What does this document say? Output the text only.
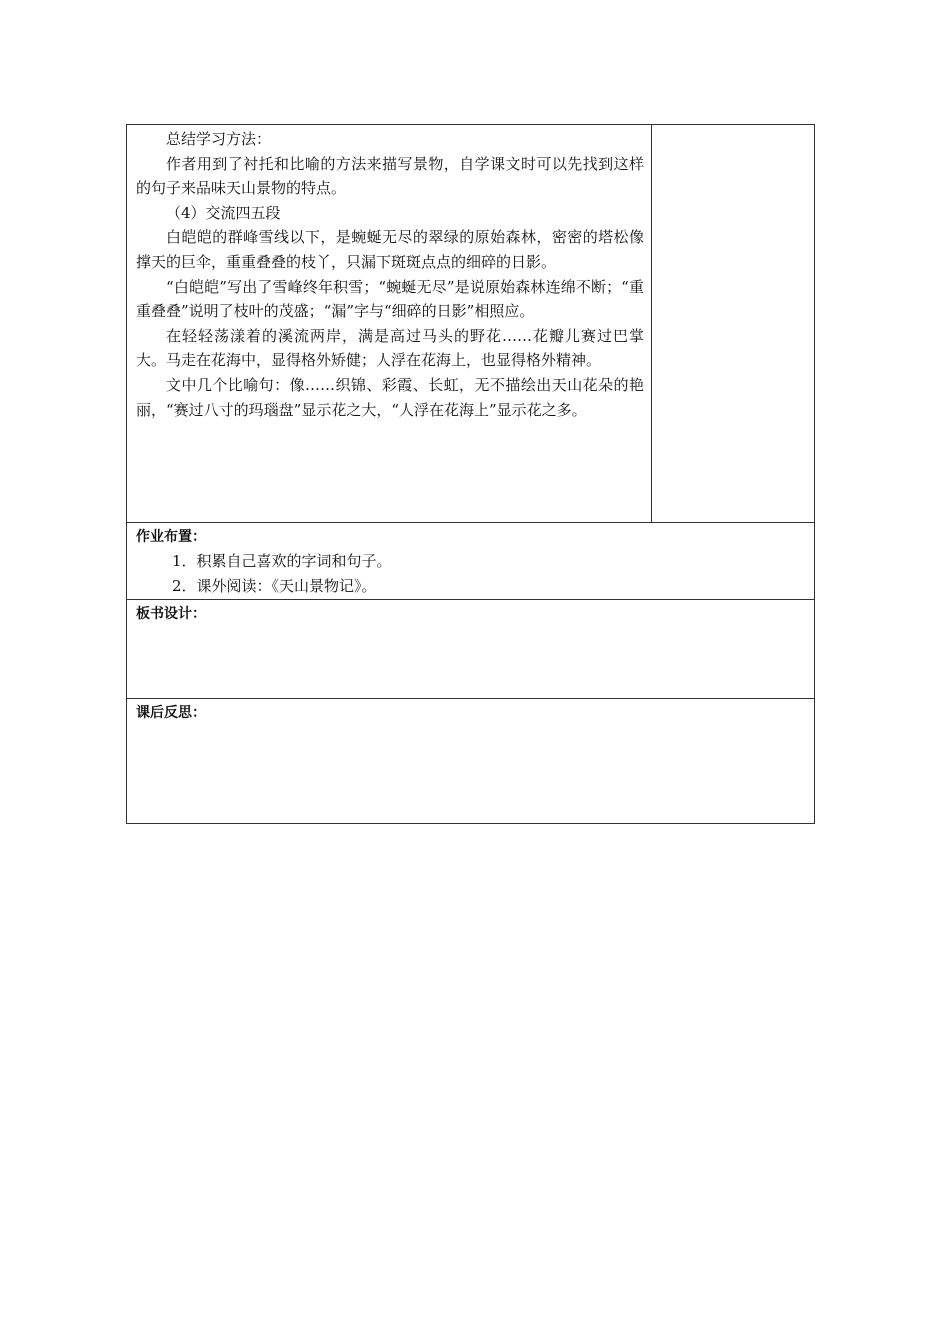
总结学习方法：

作者用到了衬托和比喻的方法来描写景物，自学课文时可以先找到这样的句子来品味天山景物的特点。

（4）交流四五段

白皑皑的群峰雪线以下，是蜿蜒无尽的翠绿的原始森林，密密的塔松像撑天的巨伞，重重叠叠的枝丫，只漏下斑斑点点的细碎的日影。

“白皑皑”写出了雪峰终年积雪；“蜿蜒无尽”是说原始森林连绵不断；“重重叠叠”说明了枝叶的茂盛；“漏”字与“细碎的日影”相照应。

在轻轻荡漾着的溪流两岸，满是高过马头的野花……花瓣儿赛过巴掌大。马走在花海中，显得格外矫健；人浮在花海上，也显得格外精神。

文中几个比喻句：像……织锦、彩霞、长虹，无不描绘出天山花朵的艳丽，“赛过八寸的玛瑙盘”显示花之大，“人浮在花海上”显示花之多。

作业布置：

1．积累自己喜欢的字词和句子。

2．课外阅读：《天山景物记》。

板书设计：

课后反思：
